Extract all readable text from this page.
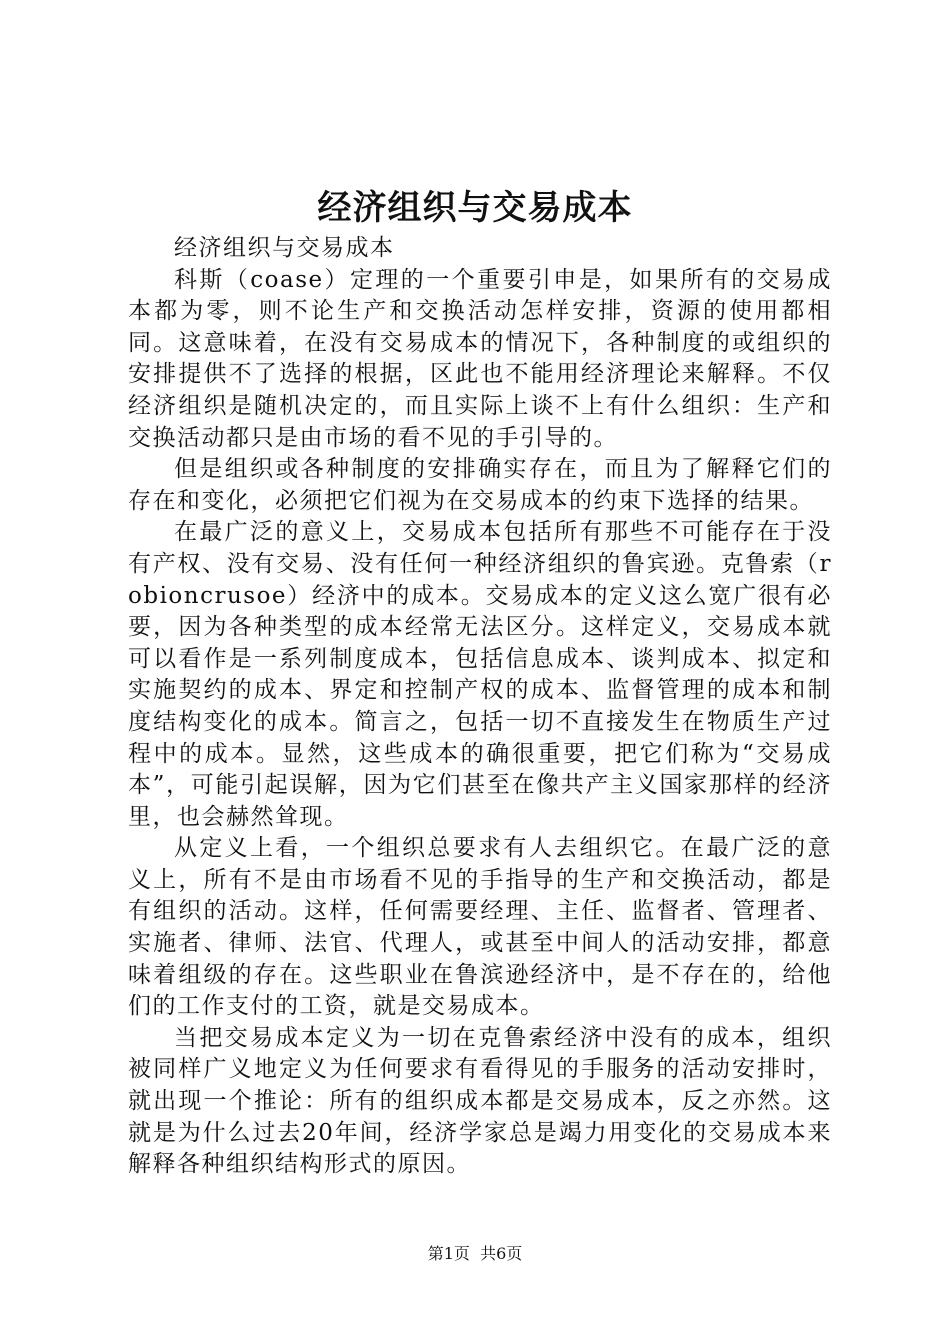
经济组织与交易成本

经济组织与交易成本

科斯（coase）定理的一个重要引申是，如果所有的交易成本都为零，则不论生产和交换活动怎样安排，资源的使用都相同。这意味着，在没有交易成本的情况下，各种制度的或组织的安排提供不了选择的根据，区此也不能用经济理论来解释。不仅经济组织是随机决定的，而且实际上谈不上有什么组织：生产和交换活动都只是由市场的看不见的手引导的。

但是组织或各种制度的安排确实存在，而且为了解释它们的存在和变化，必须把它们视为在交易成本的约束下选择的结果。

在最广泛的意义上，交易成本包括所有那些不可能存在于没有产权、没有交易、没有任何一种经济组织的鲁宾逊。克鲁索（robioncrusoe）经济中的成本。交易成本的定义这么宽广很有必要，因为各种类型的成本经常无法区分。这样定义，交易成本就可以看作是一系列制度成本，包括信息成本、谈判成本、拟定和实施契约的成本、界定和控制产权的成本、监督管理的成本和制度结构变化的成本。简言之，包括一切不直接发生在物质生产过程中的成本。显然，这些成本的确很重要，把它们称为“交易成本”，可能引起误解，因为它们甚至在像共产主义国家那样的经济里，也会赫然耸现。

从定义上看，一个组织总要求有人去组织它。在最广泛的意义上，所有不是由市场看不见的手指导的生产和交换活动，都是有组织的活动。这样，任何需要经理、主任、监督者、管理者、实施者、律师、法官、代理人，或甚至中间人的活动安排，都意味着组级的存在。这些职业在鲁滨逊经济中，是不存在的，给他们的工作支付的工资，就是交易成本。

当把交易成本定义为一切在克鲁索经济中没有的成本，组织被同样广义地定义为任何要求有看得见的手服务的活动安排时，就出现一个推论：所有的组织成本都是交易成本，反之亦然。这就是为什么过去20年间，经济学家总是竭力用变化的交易成本来解释各种组织结构形式的原因。

第1页 共6页
